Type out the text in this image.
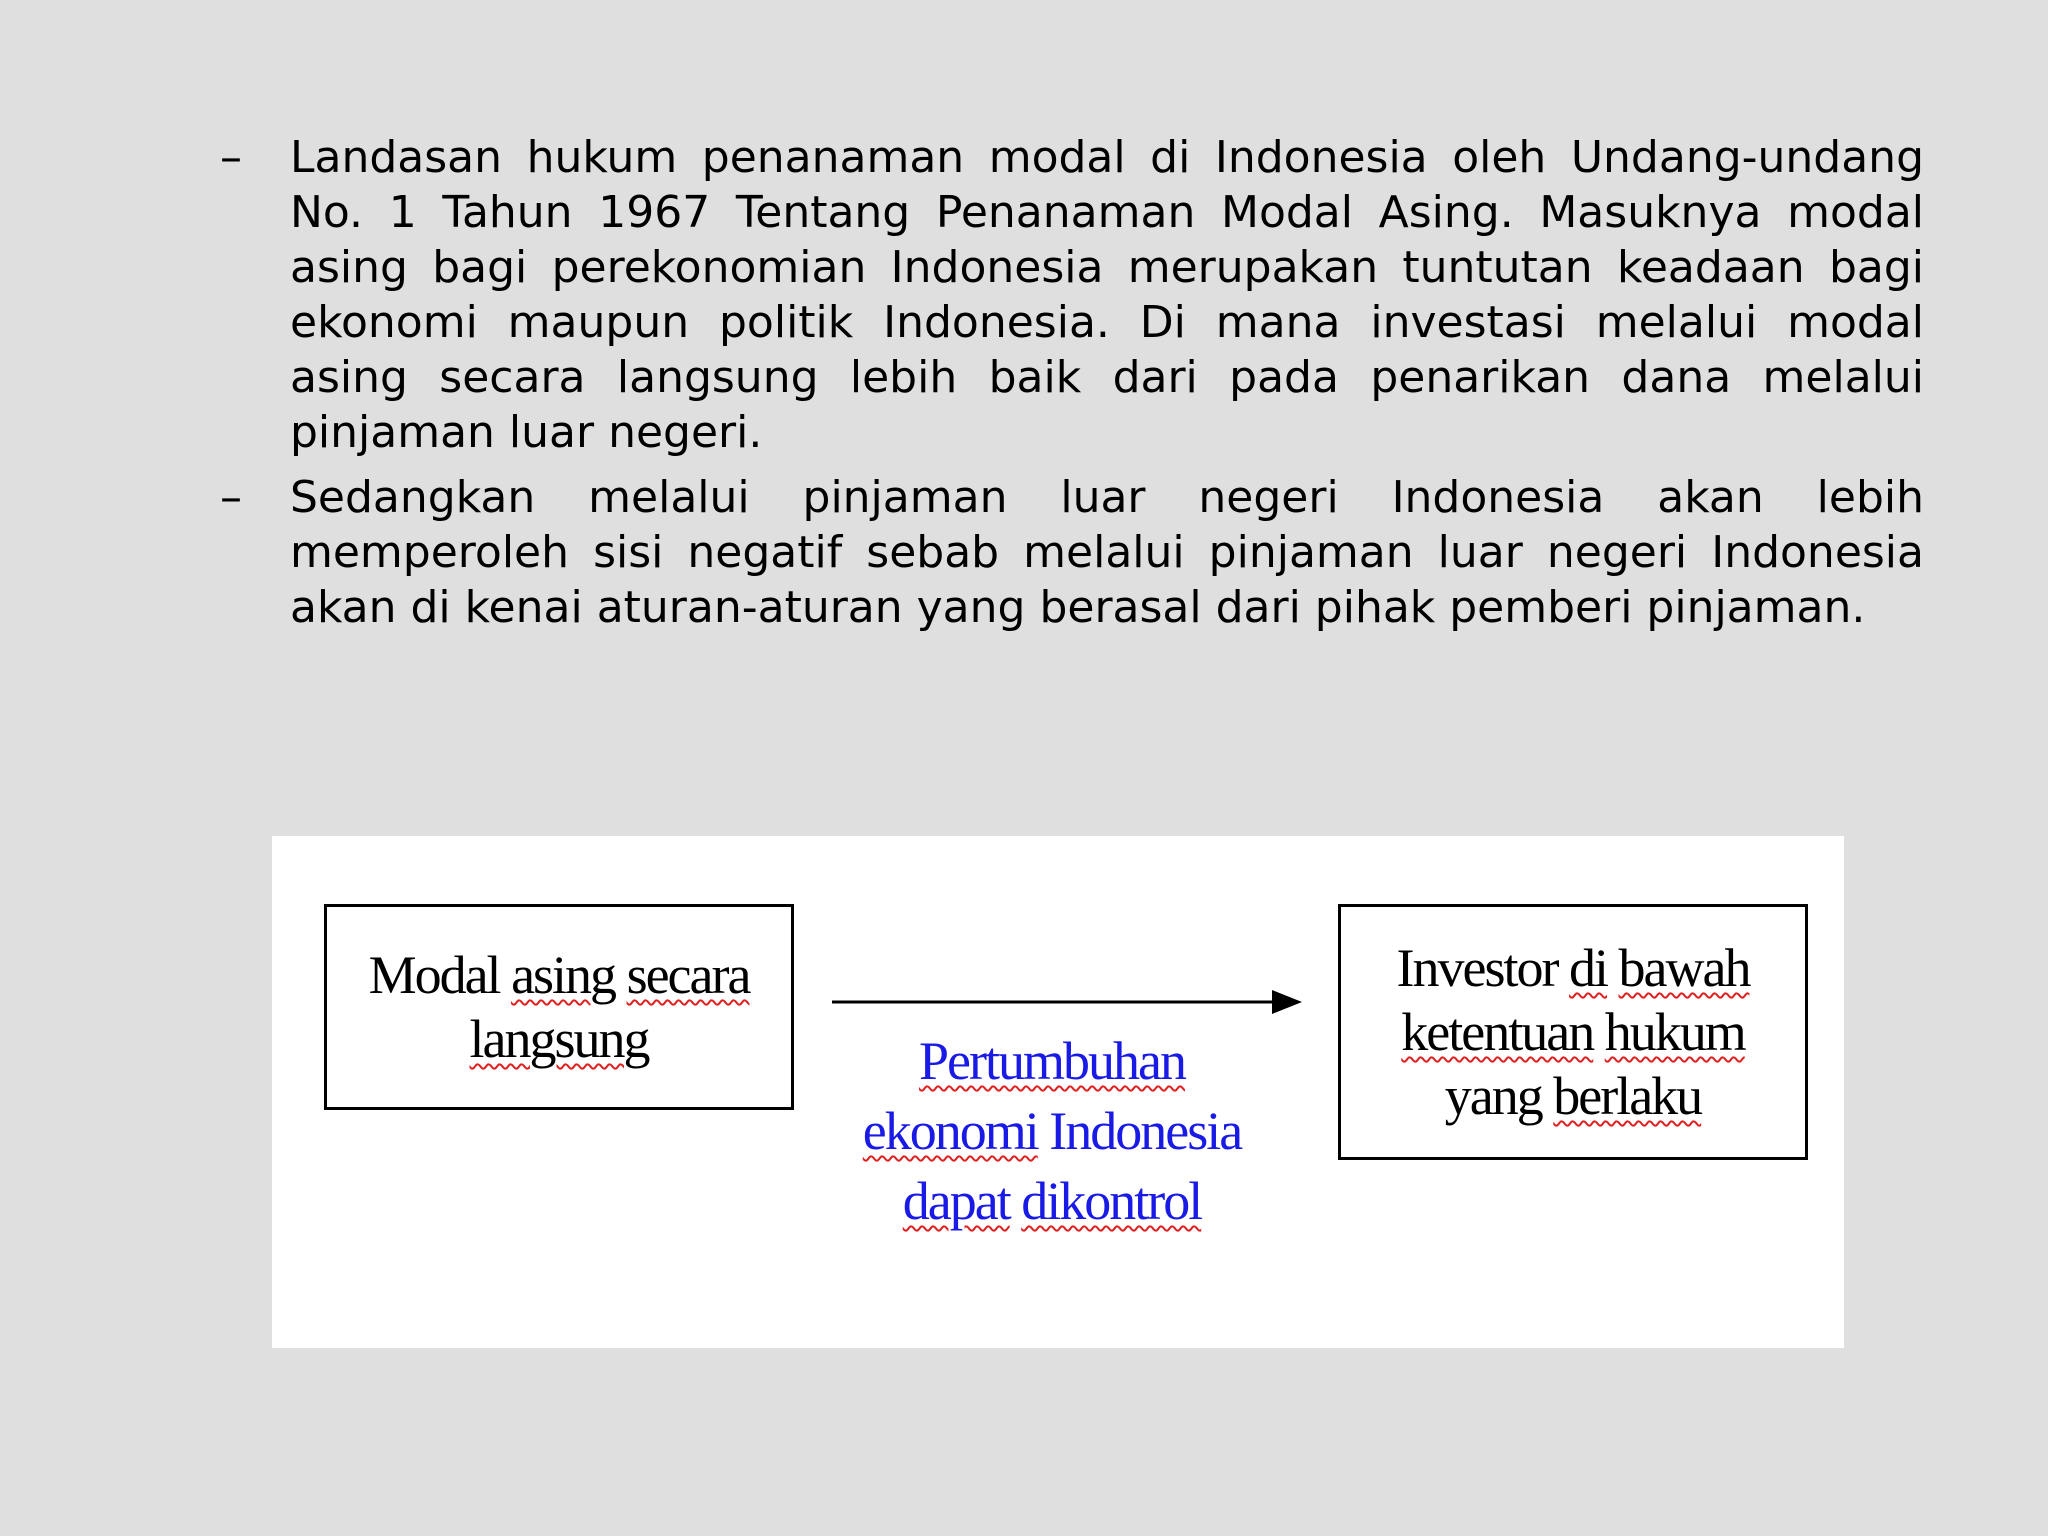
– Landasan hukum penanaman modal di Indonesia oleh Undang-undang No. 1 Tahun 1967 Tentang Penanaman Modal Asing. Masuknya modal asing bagi perekonomian Indonesia merupakan tuntutan keadaan bagi ekonomi maupun politik Indonesia. Di mana investasi melalui modal asing secara langsung lebih baik dari pada penarikan dana melalui pinjaman luar negeri.

– Sedangkan melalui pinjaman luar negeri Indonesia akan lebih memperoleh sisi negatif sebab melalui pinjaman luar negeri Indonesia akan di kenai aturan-aturan yang berasal dari pihak pemberi pinjaman.

Modal asing secara
langsung	Pertumbuhan
ekonomi Indonesia
dapat dikontrol
Investor di bawah
ketentuan hukum
yang berlaku
